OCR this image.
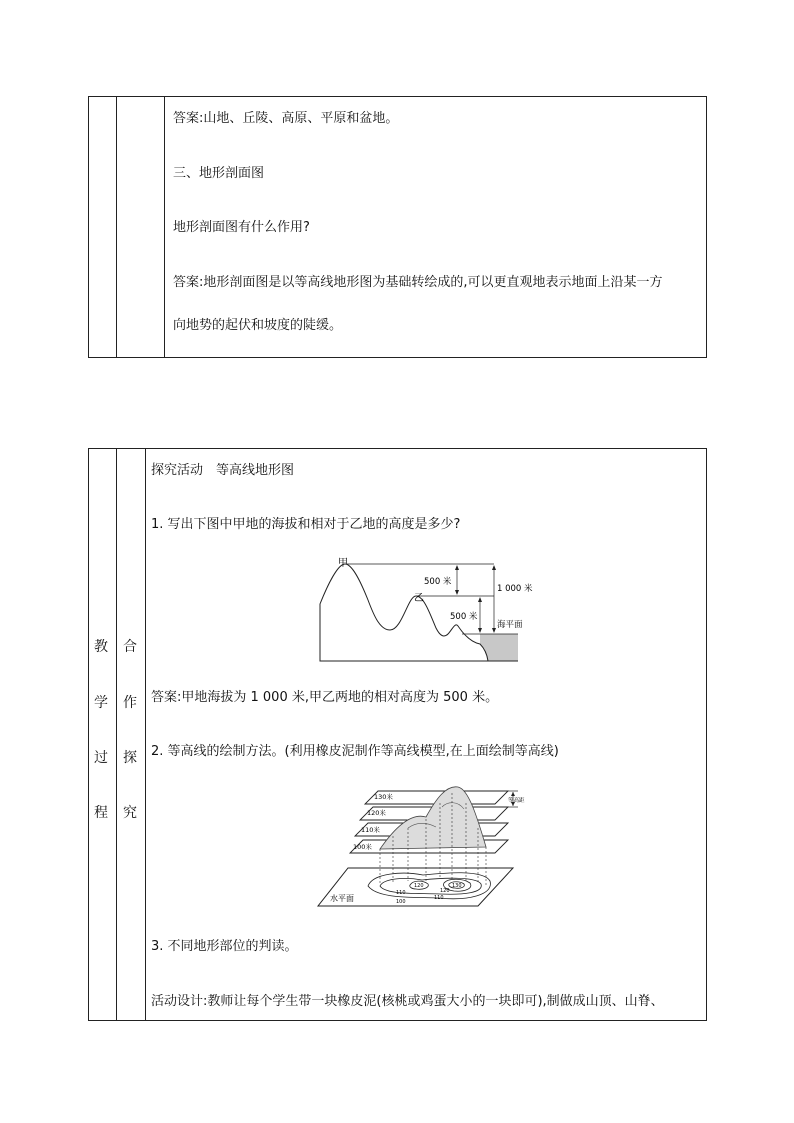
答案:山地、丘陵、高原、平原和盆地。
三、地形剖面图
地形剖面图有什么作用?
答案:地形剖面图是以等高线地形图为基础转绘成的,可以更直观地表示地面上沿某一方
向地势的起伏和坡度的陡缓。
教
学
过
程
合
作
探
究
探究活动　等高线地形图
1. 写出下图中甲地的海拔和相对于乙地的高度是多少?
甲
乙
500 米
500 米
1 000 米
海平面
答案:甲地海拔为 1 000 米,甲乙两地的相对高度为 500 米。
2. 等高线的绘制方法。(利用橡皮泥制作等高线模型,在上面绘制等高线)
等高距
130米
120米
110米
100米
水平面
110
120	130
120
110
100
3. 不同地形部位的判读。
活动设计:教师让每个学生带一块橡皮泥(核桃或鸡蛋大小的一块即可),制做成山顶、山脊、
